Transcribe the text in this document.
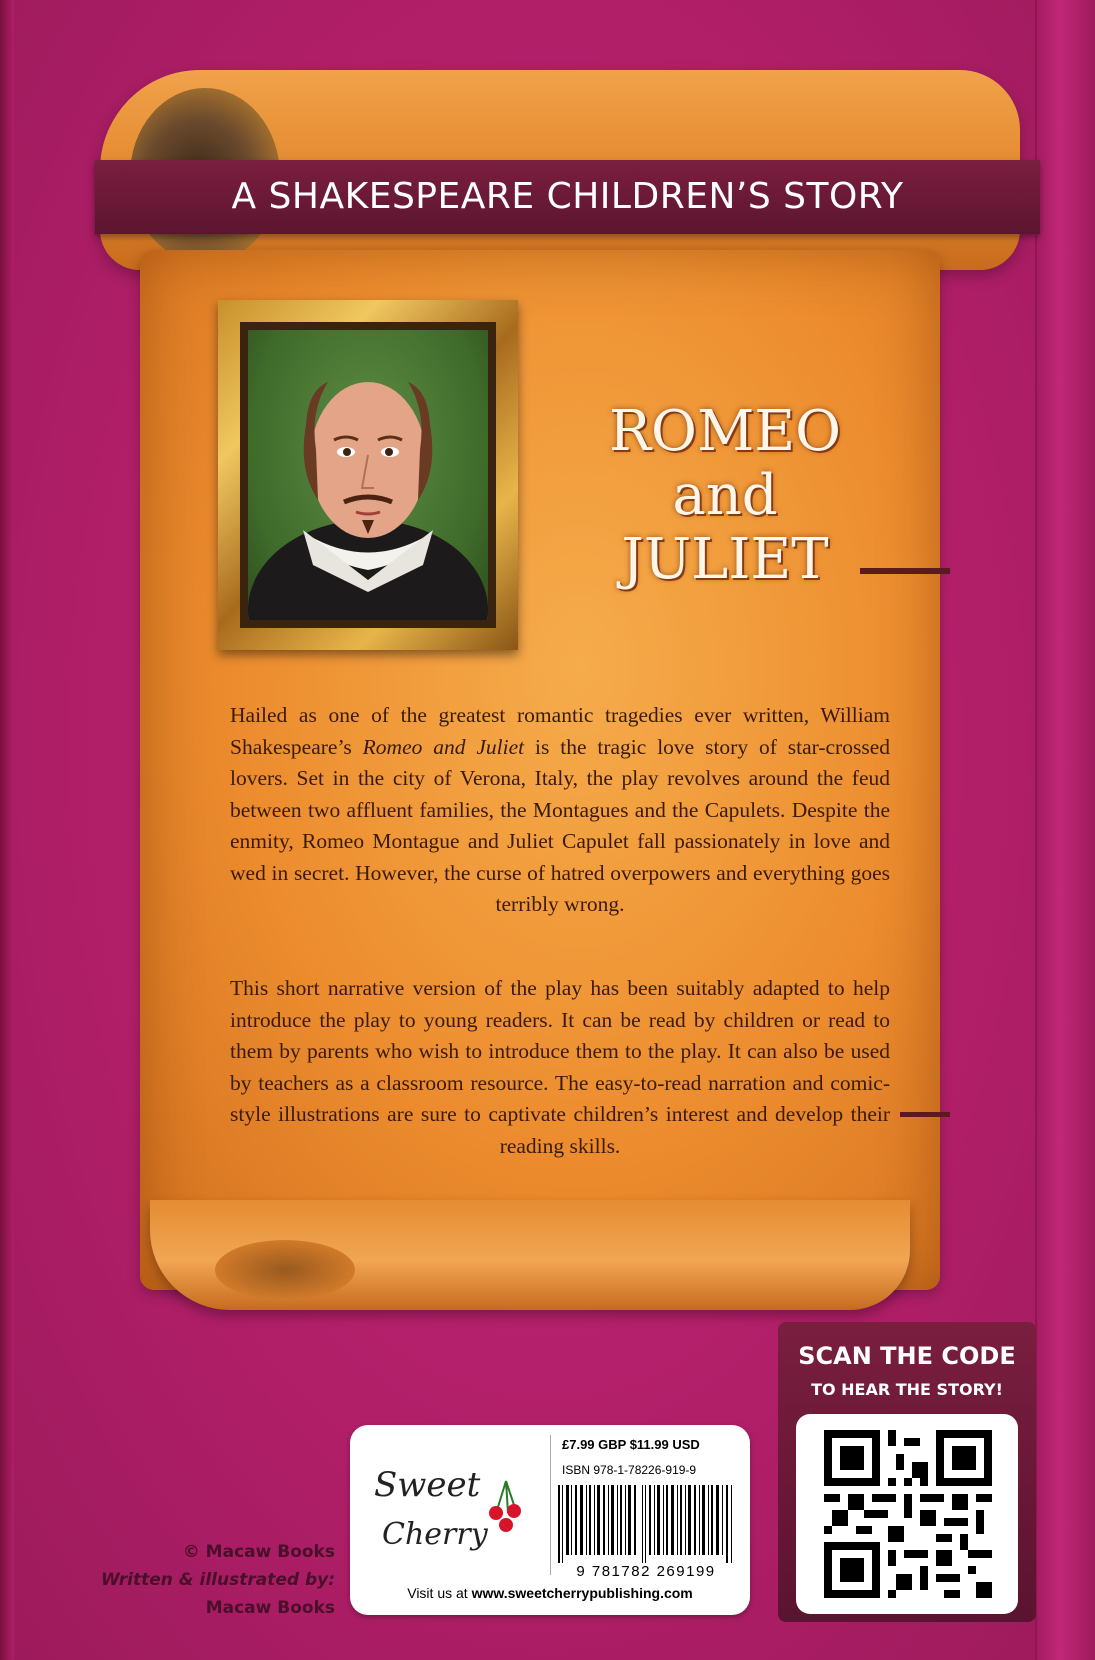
A SHAKESPEARE CHILDREN’S STORY
ROMEO and
JULIET
Hailed as one of the greatest romantic tragedies ever written, William Shakespeare’s Romeo and Juliet is the tragic love story of star-crossed lovers. Set in the city of Verona, Italy, the play revolves around the feud between two affluent families, the Montagues and the Capulets. Despite the enmity, Romeo Montague and Juliet Capulet fall passionately in love and wed in secret. However, the curse of hatred overpowers and everything goes terribly wrong.
This short narrative version of the play has been suitably adapted to help introduce the play to young readers. It can be read by children or read to them by parents who wish to introduce them to the play. It can also be used by teachers as a classroom resource. The easy-to-read narration and comic-style illustrations are sure to captivate children’s interest and develop their reading skills.
© Macaw Books
Written & illustrated by:
Macaw Books
Sweet
Cherry
£7.99 GBP $11.99 USD
ISBN 978-1-78226-919-9
9 781782 269199
Visit us at www.sweetcherrypublishing.com
SCAN THE CODE
TO HEAR THE STORY!
